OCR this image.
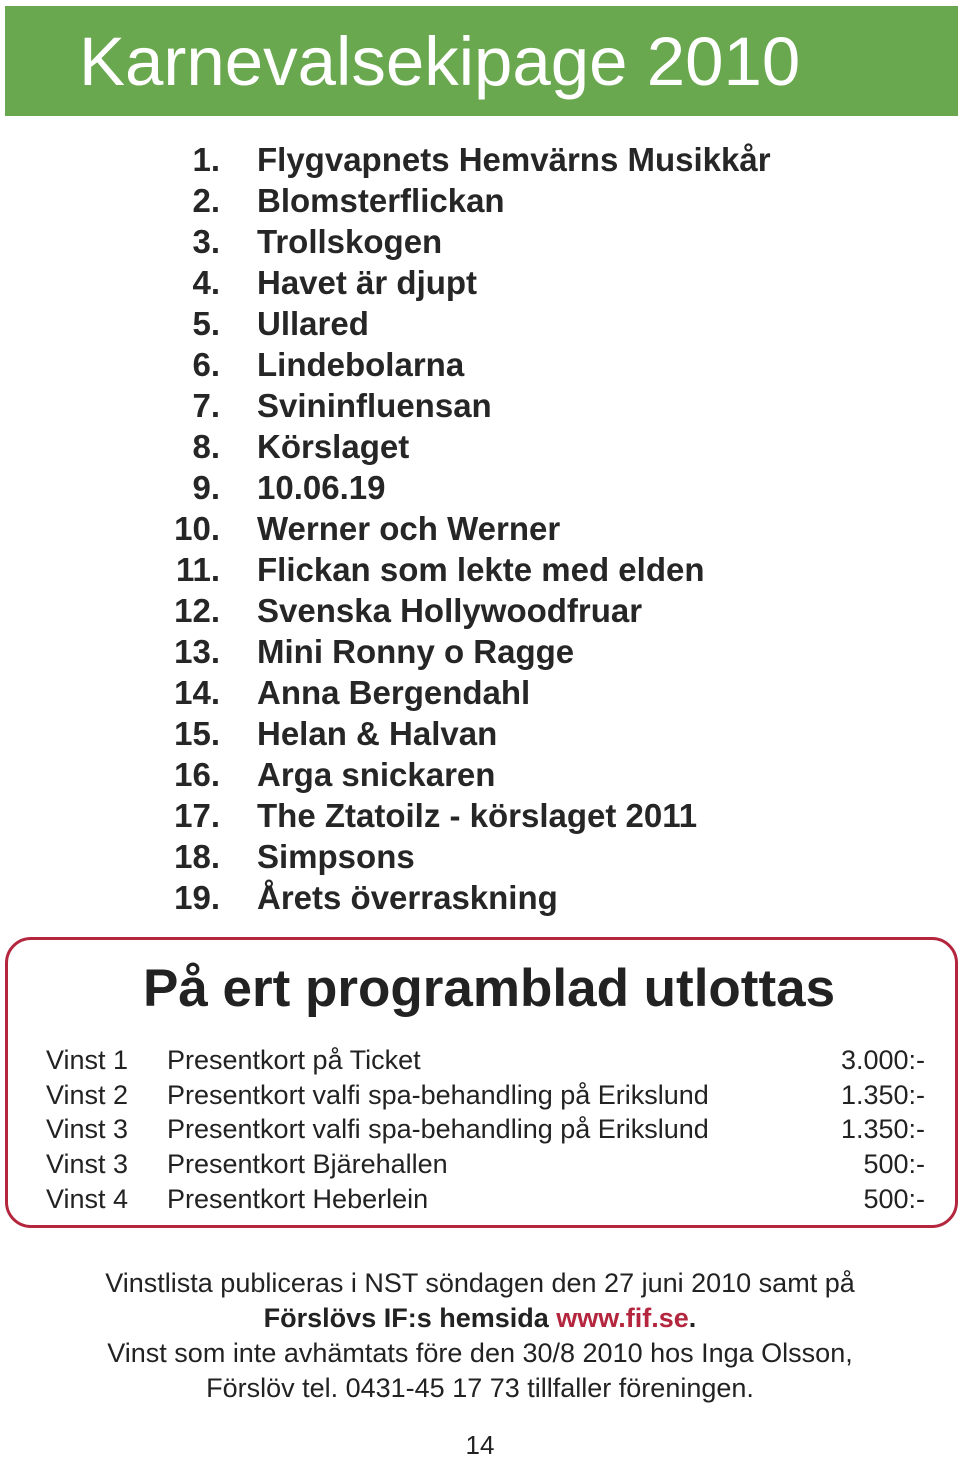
Karnevalsekipage 2010
1. Flygvapnets Hemvärns Musikkår
2. Blomsterflickan
3. Trollskogen
4. Havet är djupt
5. Ullared
6. Lindebolarna
7. Svininfluensan
8. Körslaget
9. 10.06.19
10. Werner och Werner
11. Flickan som lekte med elden
12. Svenska Hollywoodfruar
13. Mini Ronny o Ragge
14. Anna Bergendahl
15. Helan & Halvan
16. Arga snickaren
17. The Ztatoilz - körslaget 2011
18. Simpsons
19. Årets överraskning
På ert programblad utlottas
Vinst 1 Presentkort på Ticket	3.000:-
Vinst 2 Presentkort valfi spa-behandling på Erikslund	1.350:-
Vinst 3 Presentkort valfi spa-behandling på Erikslund	1.350:-
Vinst 3 Presentkort Bjärehallen	500:-
Vinst 4 Presentkort Heberlein	500:-

Vinstlista publiceras i NST söndagen den 27 juni 2010 samt på

Förslövs IF:s hemsida www.fif.se.

Vinst som inte avhämtats före den 30/8 2010 hos Inga Olsson,

Förslöv tel. 0431-45 17 73 tillfaller föreningen.

14
